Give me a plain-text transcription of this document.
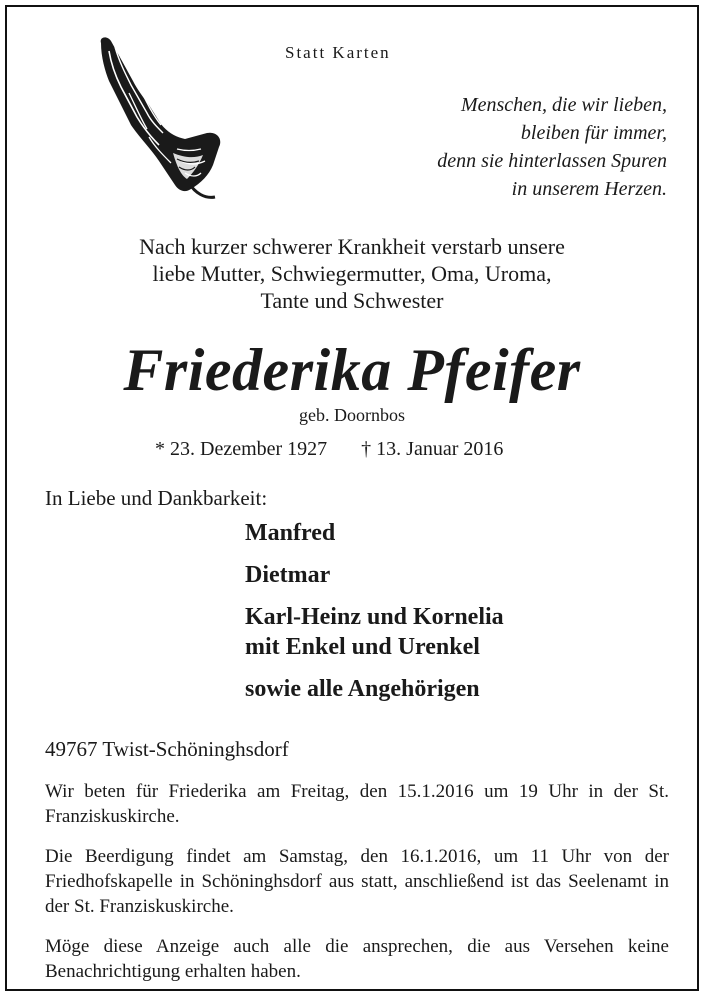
Statt Karten
Menschen, die wir lieben,
bleiben für immer,
denn sie hinterlassen Spuren
in unserem Herzen.
Nach kurzer schwerer Krankheit verstarb unsere
liebe Mutter, Schwiegermutter, Oma, Uroma,
Tante und Schwester
Friederika Pfeifer
geb. Doornbos
* 23. Dezember 1927 † 13. Januar 2016
In Liebe und Dankbarkeit:
Manfred
Dietmar
Karl-Heinz und Kornelia
mit Enkel und Urenkel
sowie alle Angehörigen
49767 Twist-Schöninghsdorf
Wir beten für Friederika am Freitag, den 15.1.2016 um 19 Uhr in der St. Franziskuskirche.
Die Beerdigung findet am Samstag, den 16.1.2016, um 11 Uhr von der Friedhofskapelle in Schöninghsdorf aus statt, anschließend ist das Seelenamt in der St. Franziskuskirche.
Möge diese Anzeige auch alle die ansprechen, die aus Versehen keine Benachrichtigung erhalten haben.
